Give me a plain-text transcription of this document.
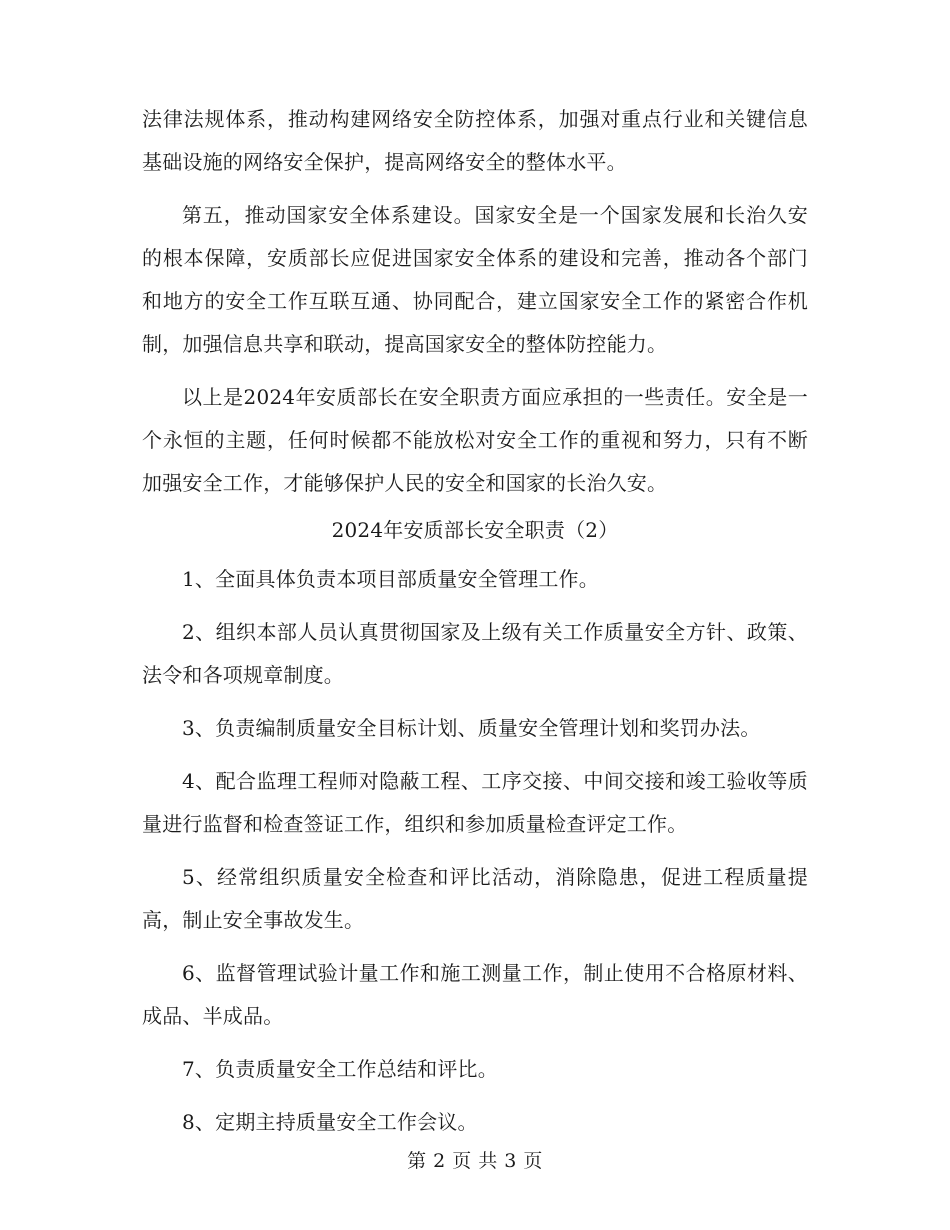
法律法规体系，推动构建网络安全防控体系，加强对重点行业和关键信息基础设施的网络安全保护，提高网络安全的整体水平。

第五，推动国家安全体系建设。国家安全是一个国家发展和长治久安的根本保障，安质部长应促进国家安全体系的建设和完善，推动各个部门和地方的安全工作互联互通、协同配合，建立国家安全工作的紧密合作机制，加强信息共享和联动，提高国家安全的整体防控能力。

以上是2024年安质部长在安全职责方面应承担的一些责任。安全是一个永恒的主题，任何时候都不能放松对安全工作的重视和努力，只有不断加强安全工作，才能够保护人民的安全和国家的长治久安。

2024年安质部长安全职责（2）

1、全面具体负责本项目部质量安全管理工作。

2、组织本部人员认真贯彻国家及上级有关工作质量安全方针、政策、法令和各项规章制度。

3、负责编制质量安全目标计划、质量安全管理计划和奖罚办法。

4、配合监理工程师对隐蔽工程、工序交接、中间交接和竣工验收等质量进行监督和检查签证工作，组织和参加质量检查评定工作。

5、经常组织质量安全检查和评比活动，消除隐患，促进工程质量提高，制止安全事故发生。

6、监督管理试验计量工作和施工测量工作，制止使用不合格原材料、成品、半成品。

7、负责质量安全工作总结和评比。

8、定期主持质量安全工作会议。

第 2 页 共 3 页
